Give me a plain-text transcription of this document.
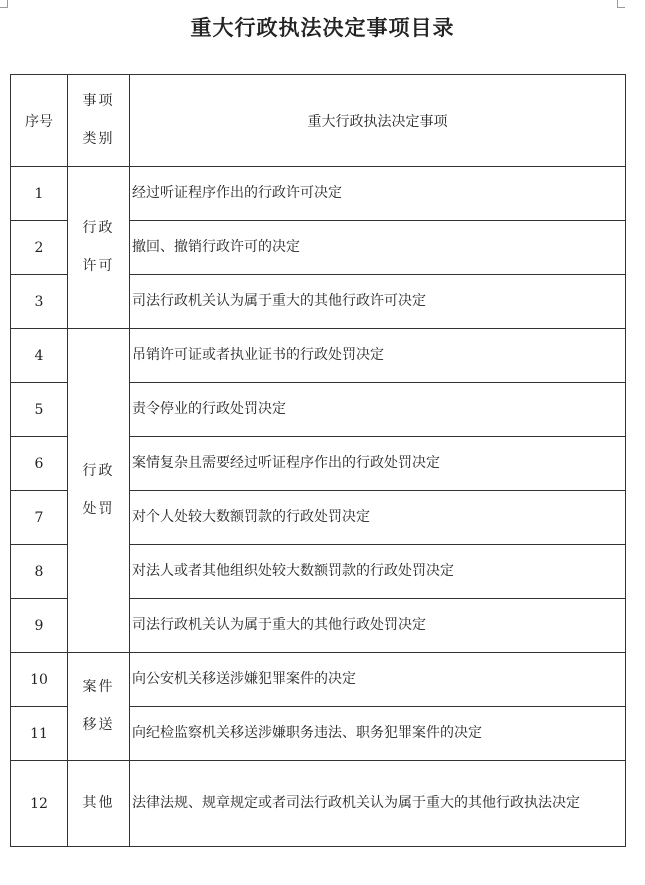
重大行政执法决定事项目录
序号	事项类别	重大行政执法决定事项
1	行政许可	经过听证程序作出的行政许可决定
2		撤回、撤销行政许可的决定
3		司法行政机关认为属于重大的其他行政许可决定
4	行政处罚	吊销许可证或者执业证书的行政处罚决定
5		责令停业的行政处罚决定
6		案情复杂且需要经过听证程序作出的行政处罚决定
7		对个人处较大数额罚款的行政处罚决定
8		对法人或者其他组织处较大数额罚款的行政处罚决定
9		司法行政机关认为属于重大的其他行政处罚决定
10	案件移送	向公安机关移送涉嫌犯罪案件的决定
11		向纪检监察机关移送涉嫌职务违法、职务犯罪案件的决定
12	其他	法律法规、规章规定或者司法行政机关认为属于重大的其他行政执法决定
